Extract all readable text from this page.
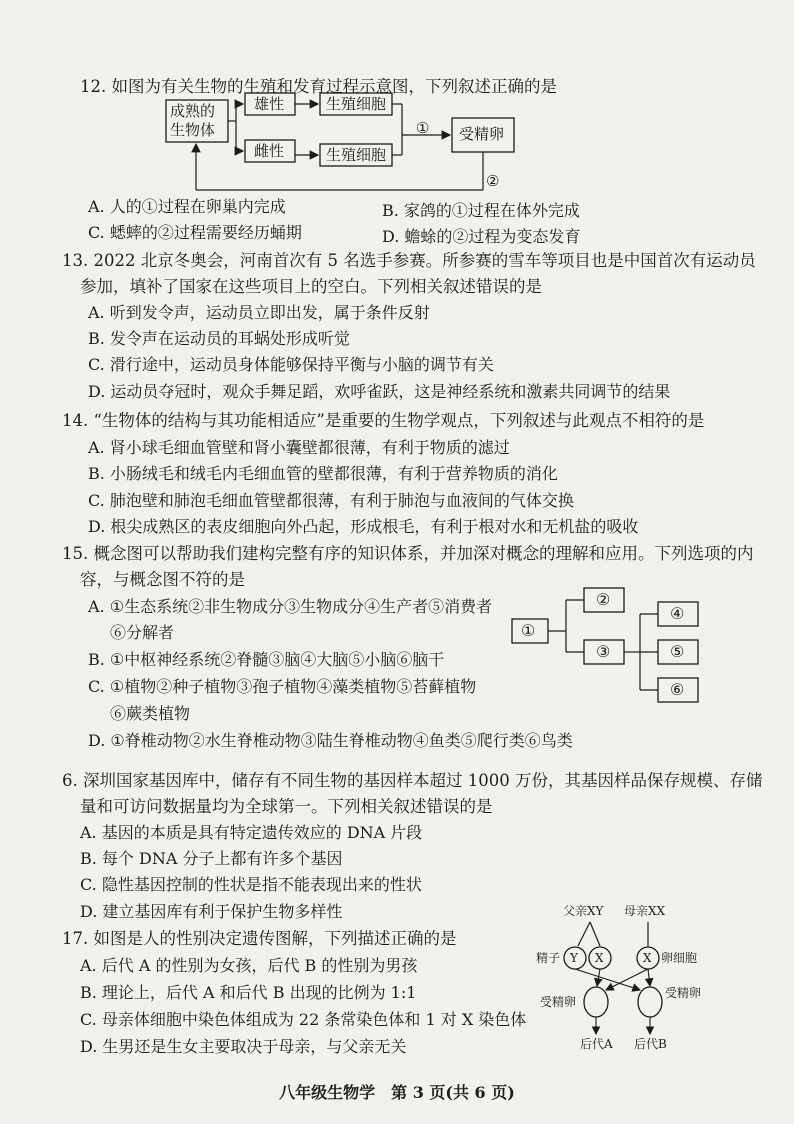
12. 如图为有关生物的生殖和发育过程示意图，下列叙述正确的是
成熟的
生物体
雄性
雌性
生殖细胞
生殖细胞
受精卵
①
②
A. 人的①过程在卵巢内完成	B. 家鸽的①过程在体外完成
C. 蟋蟀的②过程需要经历蛹期	D. 蟾蜍的②过程为变态发育
13. 2022 北京冬奥会，河南首次有 5 名选手参赛。所参赛的雪车等项目也是中国首次有运动员
参加，填补了国家在这些项目上的空白。下列相关叙述错误的是
A. 听到发令声，运动员立即出发，属于条件反射
B. 发令声在运动员的耳蜗处形成听觉
C. 滑行途中，运动员身体能够保持平衡与小脑的调节有关
D. 运动员夺冠时，观众手舞足蹈，欢呼雀跃，这是神经系统和激素共同调节的结果
14. “生物体的结构与其功能相适应”是重要的生物学观点，下列叙述与此观点不相符的是
A. 肾小球毛细血管壁和肾小囊壁都很薄，有利于物质的滤过
B. 小肠绒毛和绒毛内毛细血管的壁都很薄，有利于营养物质的消化
C. 肺泡壁和肺泡毛细血管壁都很薄，有利于肺泡与血液间的气体交换
D. 根尖成熟区的表皮细胞向外凸起，形成根毛，有利于根对水和无机盐的吸收
15. 概念图可以帮助我们建构完整有序的知识体系，并加深对概念的理解和应用。下列选项的内
容，与概念图不符的是
A. ①生态系统②非生物成分③生物成分④生产者⑤消费者
⑥分解者
B. ①中枢神经系统②脊髓③脑④大脑⑤小脑⑥脑干
C. ①植物②种子植物③孢子植物④藻类植物⑤苔藓植物
⑥蕨类植物
D. ①脊椎动物②水生脊椎动物③陆生脊椎动物④鱼类⑤爬行类⑥鸟类
①
②
③
④
⑤
⑥
6. 深圳国家基因库中，储存有不同生物的基因样本超过 1000 万份，其基因样品保存规模、存储
量和可访问数据量均为全球第一。下列相关叙述错误的是
A. 基因的本质是具有特定遗传效应的 DNA 片段
B. 每个 DNA 分子上都有许多个基因
C. 隐性基因控制的性状是指不能表现出来的性状
D. 建立基因库有利于保护生物多样性
17. 如图是人的性别决定遗传图解，下列描述正确的是
A. 后代 A 的性别为女孩，后代 B 的性别为男孩
B. 理论上，后代 A 和后代 B 出现的比例为 1:1
C. 母亲体细胞中染色体组成为 22 条常染色体和 1 对 X 染色体
D. 生男还是生女主要取决于母亲，与父亲无关
父亲XY 母亲XX
精子	卵细胞
Y X	X
受精卵
受精卵
后代A 后代B
八年级生物学　第 3 页(共 6 页)
